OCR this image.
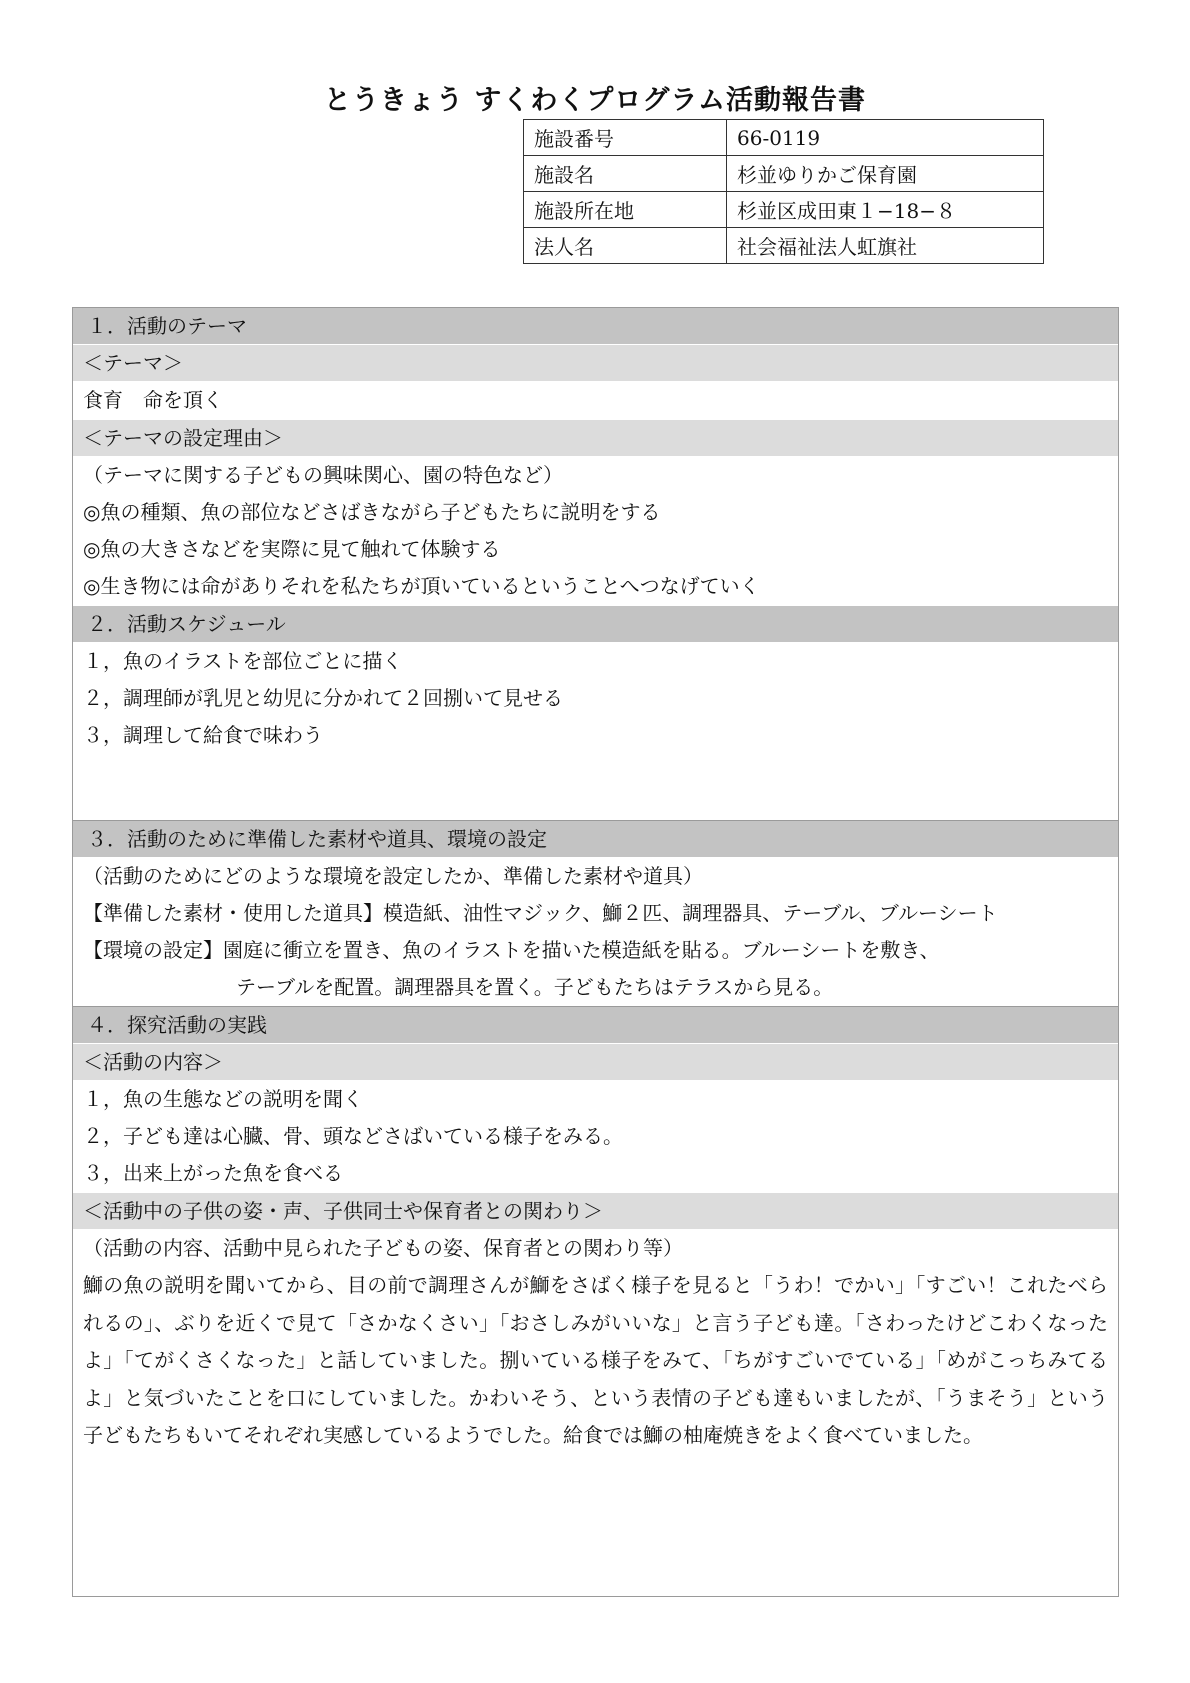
とうきょう すくわくプログラム活動報告書
施設番号	66-0119
施設名	杉並ゆりかご保育園
施設所在地	杉並区成田東１−18−８
法人名	社会福祉法人虹旗社
１．活動のテーマ
＜テーマ＞
食育　命を頂く
＜テーマの設定理由＞
（テーマに関する子どもの興味関心、園の特色など）
◎魚の種類、魚の部位などさばきながら子どもたちに説明をする
◎魚の大きさなどを実際に見て触れて体験する
◎生き物には命がありそれを私たちが頂いているということへつなげていく
２．活動スケジュール
１，魚のイラストを部位ごとに描く
２，調理師が乳児と幼児に分かれて２回捌いて見せる
３，調理して給食で味わう
３．活動のために準備した素材や道具、環境の設定
（活動のためにどのような環境を設定したか、準備した素材や道具）
【準備した素材・使用した道具】模造紙、油性マジック、鰤２匹、調理器具、テーブル、ブルーシート
【環境の設定】園庭に衝立を置き、魚のイラストを描いた模造紙を貼る。ブルーシートを敷き、
テーブルを配置。調理器具を置く。子どもたちはテラスから見る。
４．探究活動の実践
＜活動の内容＞
１，魚の生態などの説明を聞く
２，子ども達は心臓、骨、頭などさばいている様子をみる。
３，出来上がった魚を食べる
＜活動中の子供の姿・声、子供同士や保育者との関わり＞
（活動の内容、活動中見られた子どもの姿、保育者との関わり等）
鰤の魚の説明を聞いてから、目の前で調理さんが鰤をさばく様子を見ると「うわ！でかい」「すごい！これたべられるの」、ぶりを近くで見て「さかなくさい」「おさしみがいいな」と言う子ども達。「さわったけどこわくなったよ」「てがくさくなった」と話していました。捌いている様子をみて、「ちがすごいでている」「めがこっちみてるよ」と気づいたことを口にしていました。かわいそう、という表情の子ども達もいましたが、「うまそう」という子どもたちもいてそれぞれ実感しているようでした。給食では鰤の柚庵焼きをよく食べていました。
